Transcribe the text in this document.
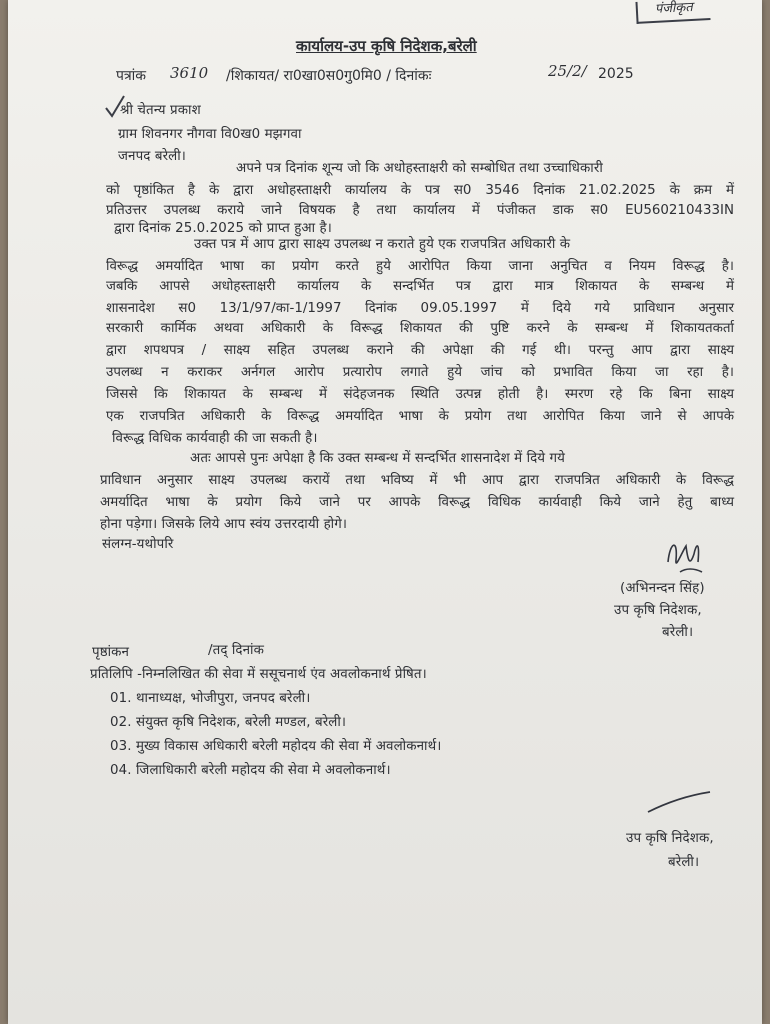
पंजीकृत
कार्यालय-उप कृषि निदेशक,बरेली
पत्रांक 3610 /शिकायत/ रा0खा0स0गु0मि0 / दिनांकः	25/2/ 2025
श्री चेतन्य प्रकाश
ग्राम शिवनगर नौगवा वि0ख0 मझगवा
जनपद बरेली।
अपने पत्र दिनांक शून्य जो कि अधोहस्ताक्षरी को सम्बोधित तथा उच्चाधिकारी
को पृष्ठांकित है के द्वारा अधोहस्ताक्षरी कार्यालय के पत्र स0 3546 दिनांक 21.02.2025 के क्रम में
प्रतिउत्तर उपलब्ध कराये जाने विषयक है तथा कार्यालय में पंजीकत डाक स0 EU560210433IN
द्वारा दिनांक 25.0.2025 को प्राप्त हुआ है।
उक्त पत्र में आप द्वारा साक्ष्य उपलब्ध न कराते हुये एक राजपत्रित अधिकारी के
विरूद्ध अमर्यादित भाषा का प्रयोग करते हुये आरोपित किया जाना अनुचित व नियम विरूद्ध है।
जबकि आपसे अधोहस्ताक्षरी कार्यालय के सन्दर्भित पत्र द्वारा मात्र शिकायत के सम्बन्ध में
शासनादेश स0 13/1/97/का-1/1997 दिनांक 09.05.1997 में दिये गये प्राविधान अनुसार
सरकारी कार्मिक अथवा अधिकारी के विरूद्ध शिकायत की पुष्टि करने के सम्बन्ध में शिकायतकर्ता
द्वारा शपथपत्र / साक्ष्य सहित उपलब्ध कराने की अपेक्षा की गई थी। परन्तु आप द्वारा साक्ष्य
उपलब्ध न कराकर अर्नगल आरोप प्रत्यारोप लगाते हुये जांच को प्रभावित किया जा रहा है।
जिससे कि शिकायत के सम्बन्ध में संदेहजनक स्थिति उत्पन्न होती है। स्मरण रहे कि बिना साक्ष्य
एक राजपत्रित अधिकारी के विरूद्ध अमर्यादित भाषा के प्रयोग तथा आरोपित किया जाने से आपके
विरूद्ध विधिक कार्यवाही की जा सकती है।
अतः आपसे पुनः अपेक्षा है कि उक्त सम्बन्ध में सन्दर्भित शासनादेश में दिये गये
प्राविधान अनुसार साक्ष्य उपलब्ध करायें तथा भविष्य में भी आप द्वारा राजपत्रित अधिकारी के विरूद्ध
अमर्यादित भाषा के प्रयोग किये जाने पर आपके विरूद्ध विधिक कार्यवाही किये जाने हेतु बाध्य
होना पड़ेगा। जिसके लिये आप स्वंय उत्तरदायी होगे।
संलग्न-यथोपरि
(अभिनन्दन सिंह)
उप कृषि निदेशक,
बरेली।
पृष्ठांकन	/तद् दिनांक
प्रतिलिपि -निम्नलिखित की सेवा में ससूचनार्थ एंव अवलोकनार्थ प्रेषित।
01. थानाध्यक्ष, भोजीपुरा, जनपद बरेली।
02. संयुक्त कृषि निदेशक, बरेली मण्डल, बरेली।
03. मुख्य विकास अधिकारी बरेली महोदय की सेवा में अवलोकनार्थ।
04. जिलाधिकारी बरेली महोदय की सेवा मे अवलोकनार्थ।
उप कृषि निदेशक,
बरेली।
